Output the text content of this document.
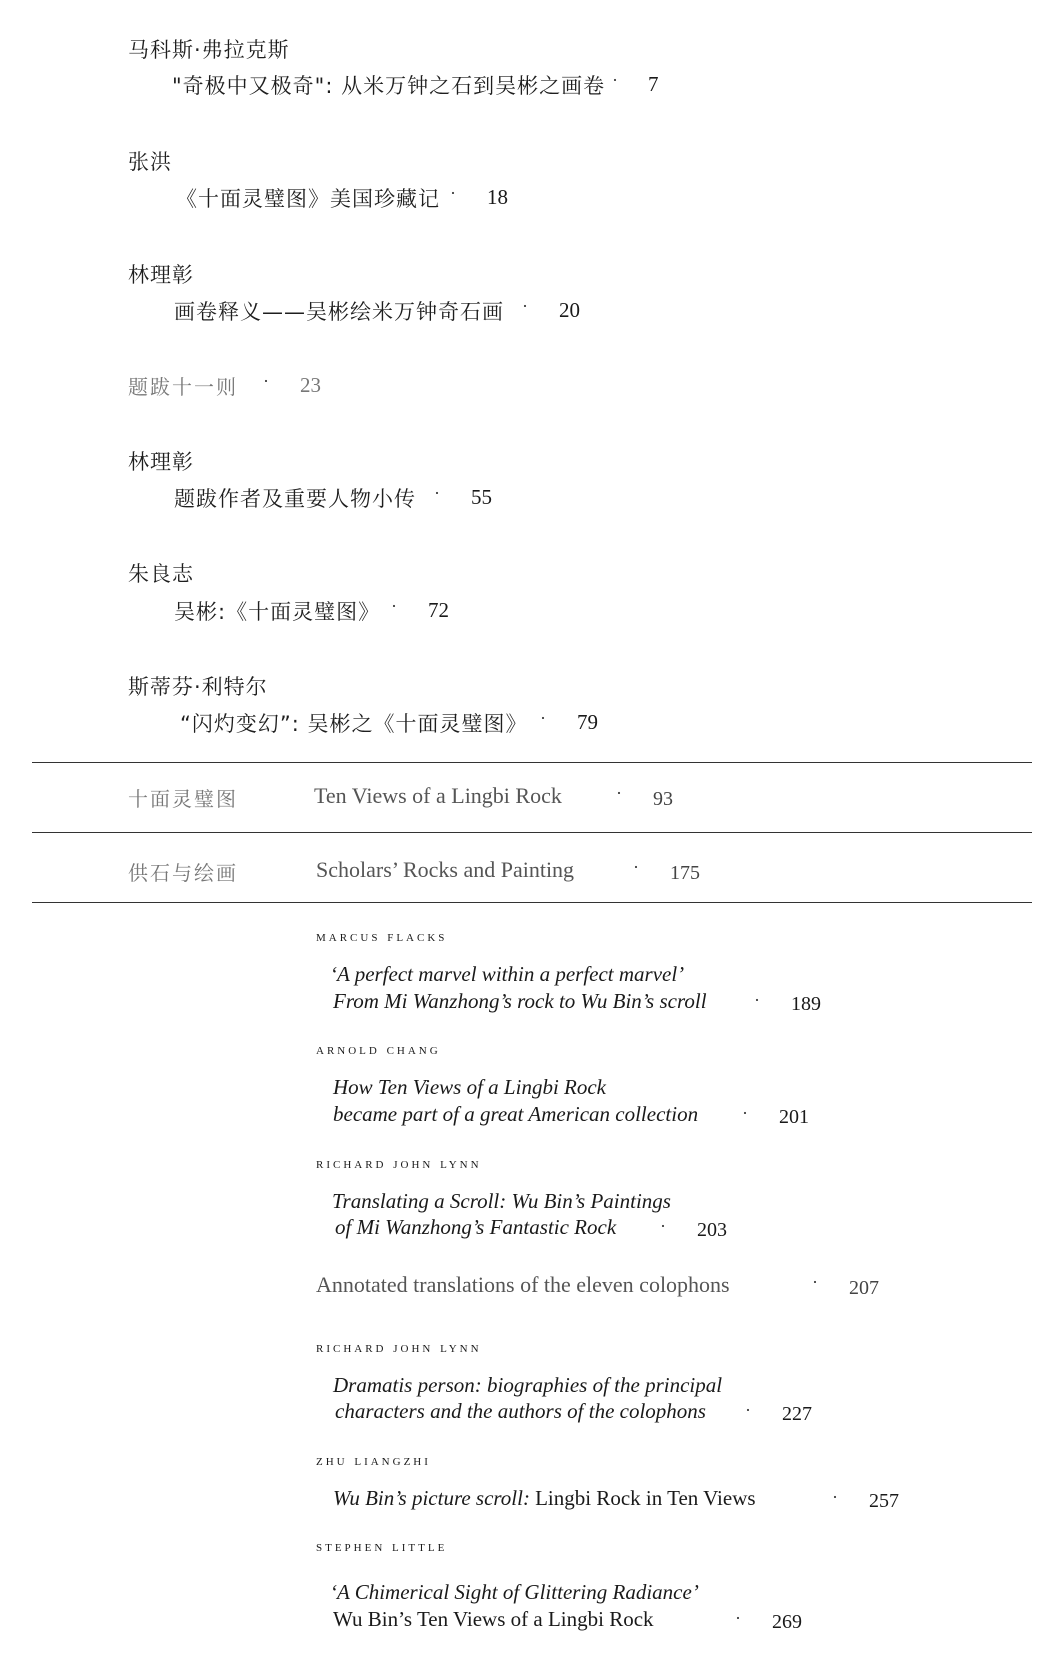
马科斯·弗拉克斯
"奇极中又极奇": 从米万钟之石到吴彬之画卷 · 7
张洪
《十面灵璧图》美国珍藏记 · 18
林理彰
画卷释义——吴彬绘米万钟奇石画 · 20
题跋十一则 · 23
林理彰
题跋作者及重要人物小传 · 55
朱良志
吴彬:《十面灵璧图》 · 72
斯蒂芬·利特尔
“闪灼变幻”: 吴彬之《十面灵璧图》 · 79
十面灵璧图	Ten Views of a Lingbi Rock	· 93
供石与绘画	Scholars’ Rocks and Painting	· 175
marcus flacks
‘A perfect marvel within a perfect marvel’
From Mi Wanzhong’s rock to Wu Bin’s scroll	· 189
arnold chang
How Ten Views of a Lingbi Rock
became part of a great American collection · 201
richard john lynn
Translating a Scroll: Wu Bin’s Paintings
of Mi Wanzhong’s Fantastic Rock · 203
Annotated translations of the eleven colophons	· 207
richard john lynn
Dramatis person: biographies of the principal
characters and the authors of the colophons · 227
zhu liangzhi
Wu Bin’s picture scroll: Lingbi Rock in Ten Views	· 257
stephen little
‘A Chimerical Sight of Glittering Radiance’
Wu Bin’s Ten Views of a Lingbi Rock	· 269
